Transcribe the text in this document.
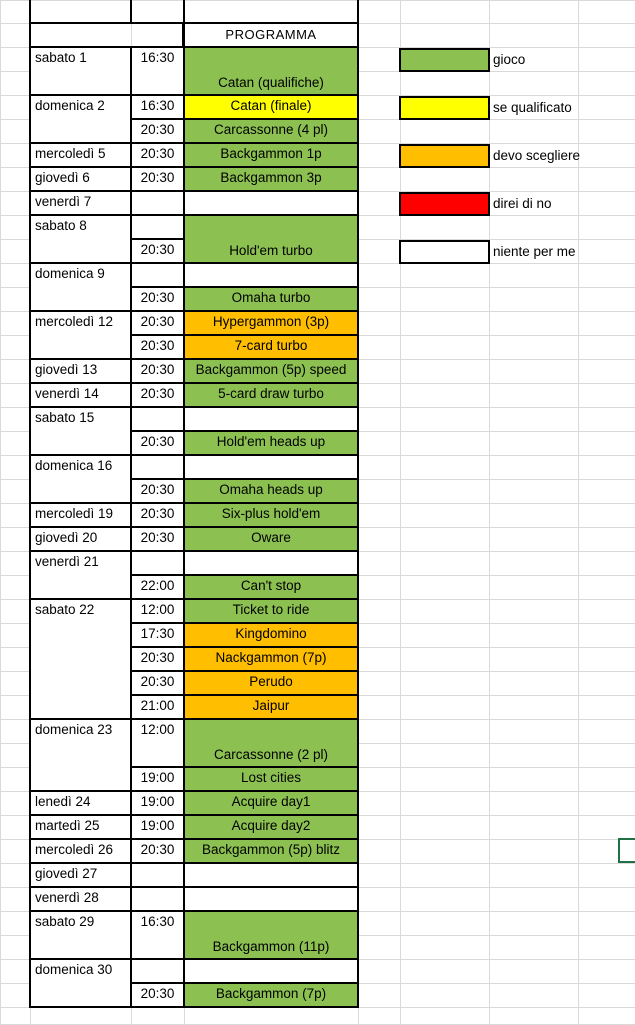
PROGRAMMA
sabato 1
domenica 2
mercoledì 5
giovedì 6
venerdì 7
sabato 8
domenica 9
mercoledì 12
giovedì 13
venerdì 14
sabato 15
domenica 16
mercoledì 19
giovedì 20
venerdì 21
sabato 22
domenica 23
lenedì 24
martedì 25
mercoledì 26
giovedì 27
venerdì 28
sabato 29
domenica 30
16:30
16:30
20:30
20:30
20:30
20:30
20:30
20:30
20:30
20:30
20:30
20:30
20:30
20:30
20:30
22:00
12:00
17:30
20:30
20:30
21:00
12:00
19:00
19:00
19:00
20:30
16:30
20:30
Catan (qualifiche)
Catan (finale)
Carcassonne (4 pl)
Backgammon 1p
Backgammon 3p
Hold'em turbo
Omaha turbo
Hypergammon (3p)
7-card turbo
Backgammon (5p) speed
5-card draw turbo
Hold'em heads up
Omaha heads up
Six-plus hold'em
Oware
Can't stop
Ticket to ride
Kingdomino
Nackgammon (7p)
Perudo
Jaipur
Carcassonne (2 pl)
Lost cities
Acquire day1
Acquire day2
Backgammon (5p) blitz
Backgammon (11p)
Backgammon (7p)
gioco
se qualificato
devo scegliere
direi di no
niente per me
